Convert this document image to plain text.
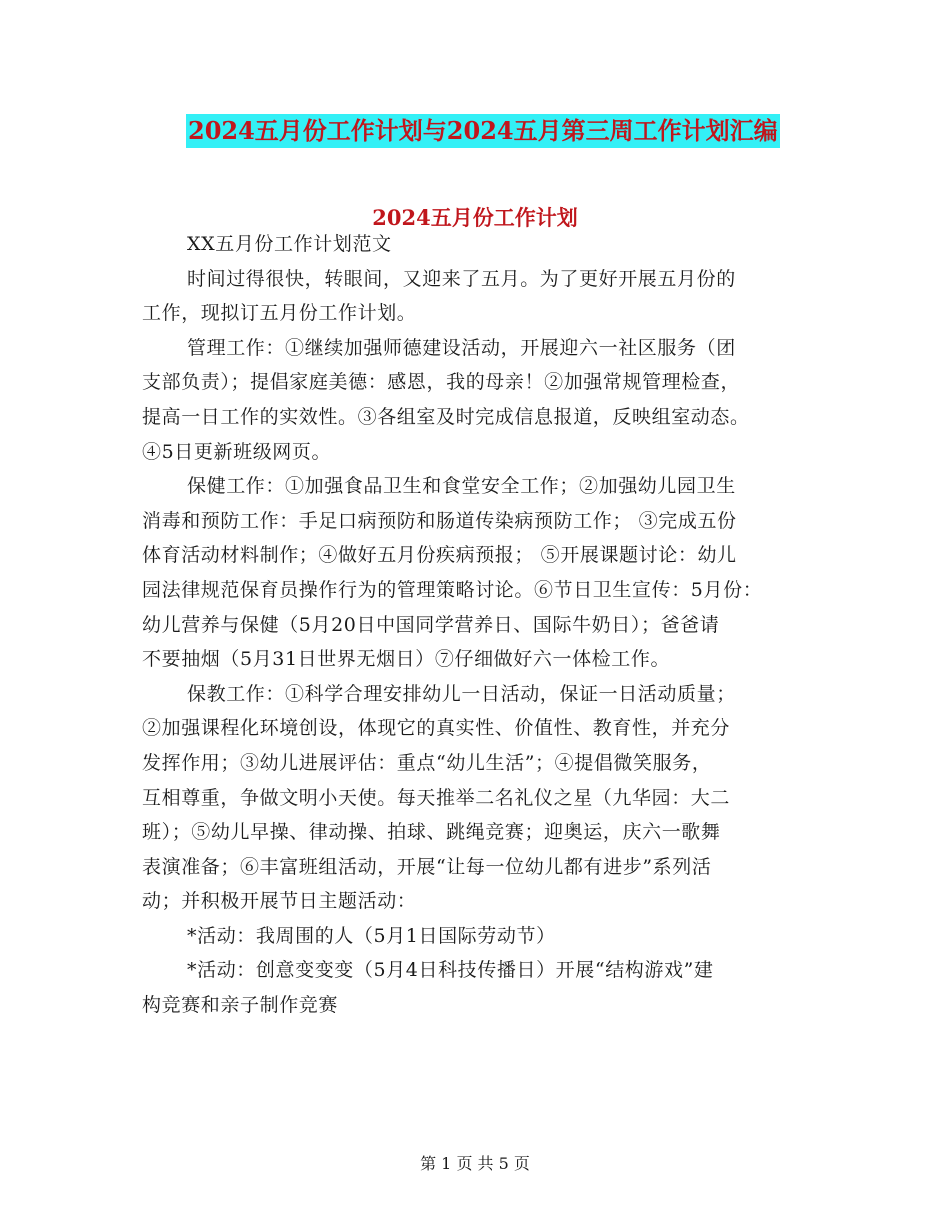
2024五月份工作计划与2024五月第三周工作计划汇编
2024五月份工作计划
XX五月份工作计划范文
时间过得很快，转眼间，又迎来了五月。为了更好开展五月份的
工作，现拟订五月份工作计划。
管理工作：①继续加强师德建设活动，开展迎六一社区服务（团
支部负责）；提倡家庭美德：感恩，我的母亲！②加强常规管理检查，
提高一日工作的实效性。③各组室及时完成信息报道，反映组室动态。
④5日更新班级网页。
保健工作：①加强食品卫生和食堂安全工作；②加强幼儿园卫生
消毒和预防工作：手足口病预防和肠道传染病预防工作； ③完成五份
体育活动材料制作；④做好五月份疾病预报； ⑤开展课题讨论：幼儿
园法律规范保育员操作行为的管理策略讨论。⑥节日卫生宣传：5月份：
幼儿营养与保健（5月20日中国同学营养日、国际牛奶日）；爸爸请
不要抽烟（5月31日世界无烟日）⑦仔细做好六一体检工作。
保教工作：①科学合理安排幼儿一日活动，保证一日活动质量；
②加强课程化环境创设，体现它的真实性、价值性、教育性，并充分
发挥作用；③幼儿进展评估：重点“幼儿生活”；④提倡微笑服务，
互相尊重，争做文明小天使。每天推举二名礼仪之星（九华园：大二
班）；⑤幼儿早操、律动操、拍球、跳绳竞赛；迎奥运，庆六一歌舞
表演准备；⑥丰富班组活动，开展“让每一位幼儿都有进步”系列活
动；并积极开展节日主题活动：
*活动：我周围的人（5月1日国际劳动节）
*活动：创意变变变（5月4日科技传播日）开展“结构游戏”建
构竞赛和亲子制作竞赛
第 1 页 共 5 页
